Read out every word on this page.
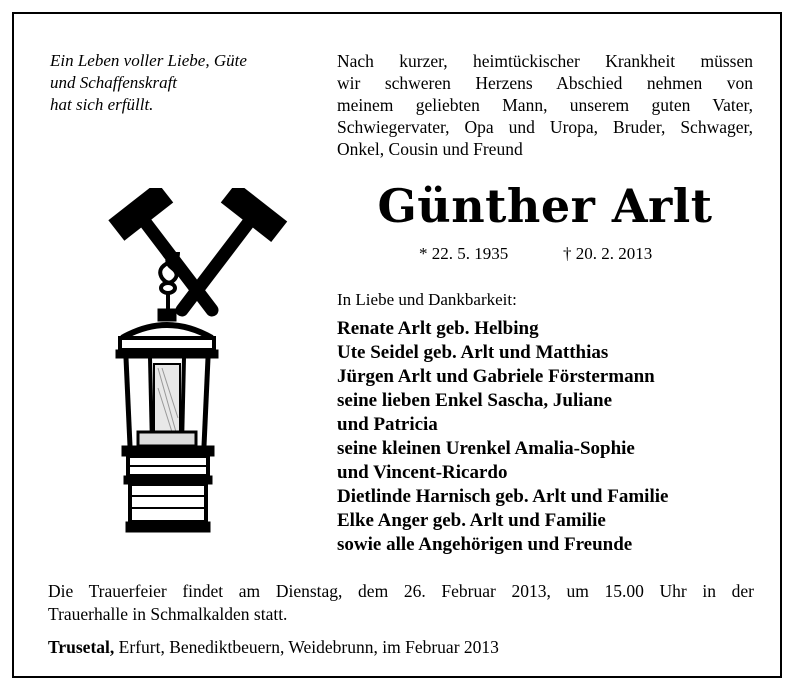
Ein Leben voller Liebe, Güte
und Schaffenskraft
hat sich erfüllt.
Nach kurzer, heimtückischer Krankheit müssen
wir schweren Herzens Abschied nehmen von
meinem geliebten Mann, unserem guten Vater,
Schwiegervater, Opa und Uropa, Bruder, Schwager,
Onkel, Cousin und Freund
Günther Arlt
* 22. 5. 1935	† 20. 2. 2013
In Liebe und Dankbarkeit:
Renate Arlt geb. Helbing
Ute Seidel geb. Arlt und Matthias
Jürgen Arlt und Gabriele Förstermann
seine lieben Enkel Sascha, Juliane
und Patricia
seine kleinen Urenkel Amalia-Sophie
und Vincent-Ricardo
Dietlinde Harnisch geb. Arlt und Familie
Elke Anger geb. Arlt und Familie
sowie alle Angehörigen und Freunde
Die Trauerfeier findet am Dienstag, dem 26. Februar 2013, um 15.00 Uhr in der
Trauerhalle in Schmalkalden statt.
Trusetal, Erfurt, Benediktbeuern, Weidebrunn, im Februar 2013
